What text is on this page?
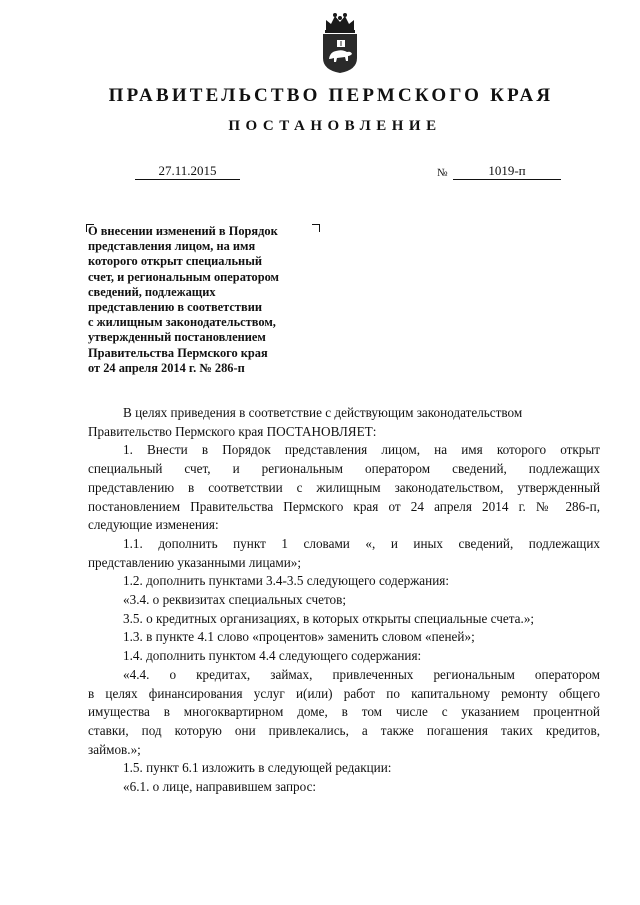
ПРАВИТЕЛЬСТВО ПЕРМСКОГО КРАЯ
ПОСТАНОВЛЕНИЕ
27.11.2015	№	1019-п
О внесении изменений в Порядок
представления лицом, на имя
которого открыт специальный
счет, и региональным оператором
сведений, подлежащих
представлению в соответствии
с жилищным законодательством,
утвержденный постановлением
Правительства Пермского края
от 24 апреля 2014 г. № 286-п
В целях приведения в соответствие с действующим законодательством
Правительство Пермского края ПОСТАНОВЛЯЕТ:
1. Внести в Порядок представления лицом, на имя которого открыт
специальный счет, и региональным оператором сведений, подлежащих
представлению в соответствии с жилищным законодательством, утвержденный
постановлением Правительства Пермского края от 24 апреля 2014 г. № 286-п,
следующие изменения:
1.1. дополнить пункт 1 словами «, и иных сведений, подлежащих
представлению указанными лицами»;
1.2. дополнить пунктами 3.4-3.5 следующего содержания:
«3.4. о реквизитах специальных счетов;
3.5. о кредитных организациях, в которых открыты специальные счета.»;
1.3. в пункте 4.1 слово «процентов» заменить словом «пеней»;
1.4. дополнить пунктом 4.4 следующего содержания:
«4.4. о кредитах, займах, привлеченных региональным оператором
в целях финансирования услуг и(или) работ по капитальному ремонту общего
имущества в многоквартирном доме, в том числе с указанием процентной
ставки, под которую они привлекались, а также погашения таких кредитов,
займов.»;
1.5. пункт 6.1 изложить в следующей редакции:
«6.1. о лице, направившем запрос:
